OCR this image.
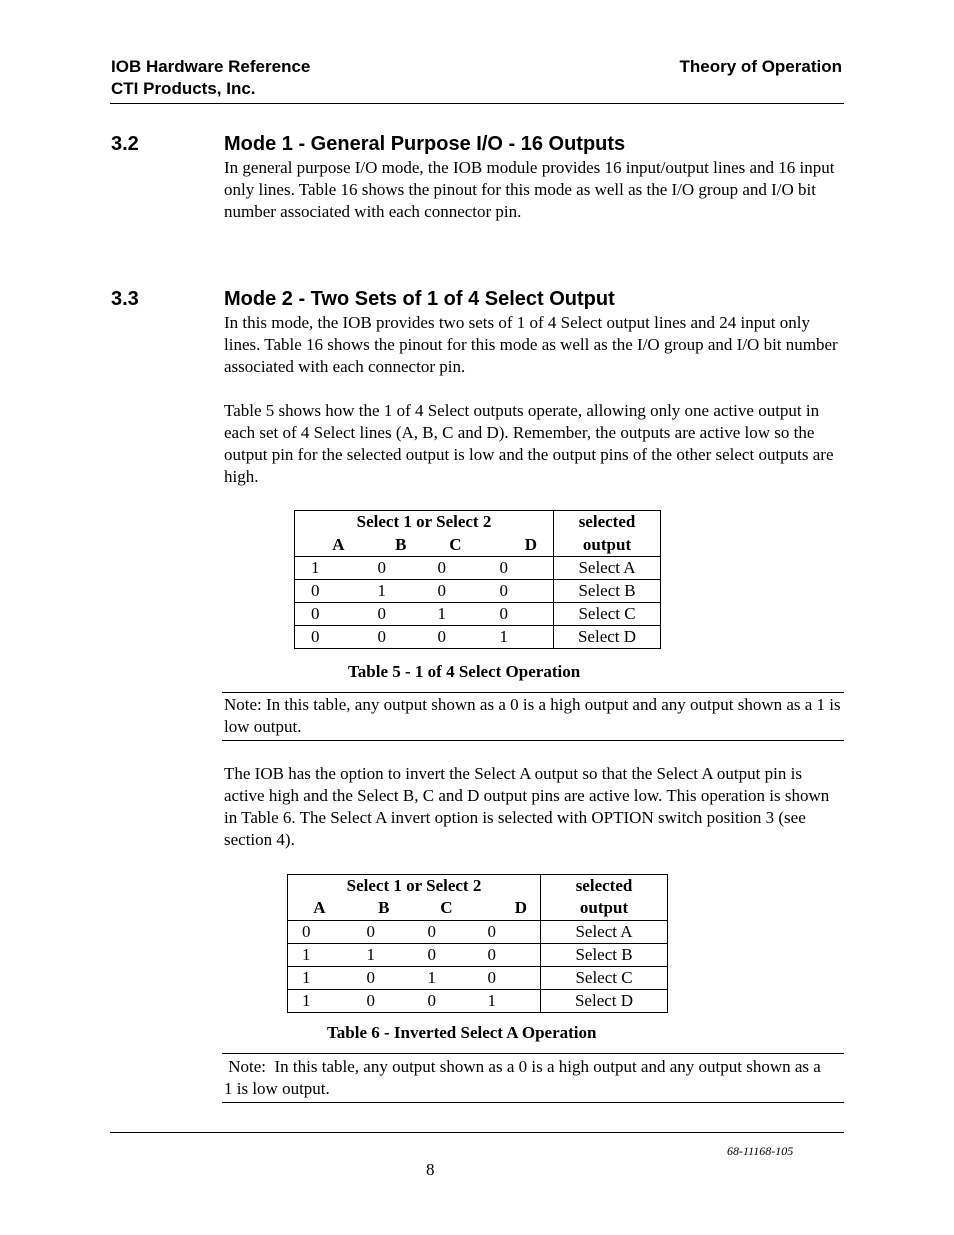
IOB Hardware Reference
CTI Products, Inc.
Theory of Operation
3.2	Mode 1 - General Purpose I/O - 16 Outputs

In general purpose I/O mode, the IOB module provides 16 input/output lines and 16 input only lines. Table 16 shows the pinout for this mode as well as the I/O group and I/O bit number associated with each connector pin.

3.3	Mode 2 - Two Sets of 1 of 4 Select Output

In this mode, the IOB provides two sets of 1 of 4 Select output lines and 24 input only lines. Table 16 shows the pinout for this mode as well as the I/O group and I/O bit number associated with each connector pin.

Table 5 shows how the 1 of 4 Select outputs operate, allowing only one active output in each set of 4 Select lines (A, B, C and D). Remember, the outputs are active low so the output pin for the selected output is low and the output pins of the other select outputs are high.

Select 1 or Select 2				selected
A	B	C	D	output
1	0	0	0	Select A
0	1	0	0	Select B
0	0	1	0	Select C
0	0	0	1	Select D
Table 5 - 1 of 4 Select Operation

Note: In this table, any output shown as a 0 is a high output and any output shown as a 1 is low output.

The IOB has the option to invert the Select A output so that the Select A output pin is active high and the Select B, C and D output pins are active low. This operation is shown in Table 6. The Select A invert option is selected with OPTION switch position 3 (see section 4).

Select 1 or Select 2				selected
A	B	C	D	output
0	0	0	0	Select A
1	1	0	0	Select B
1	0	1	0	Select C
1	0	0	1	Select D
Table 6 - Inverted Select A Operation

Note:  In this table, any output shown as a 0 is a high output and any output shown as a 1 is low output.

68-11168-105
8
